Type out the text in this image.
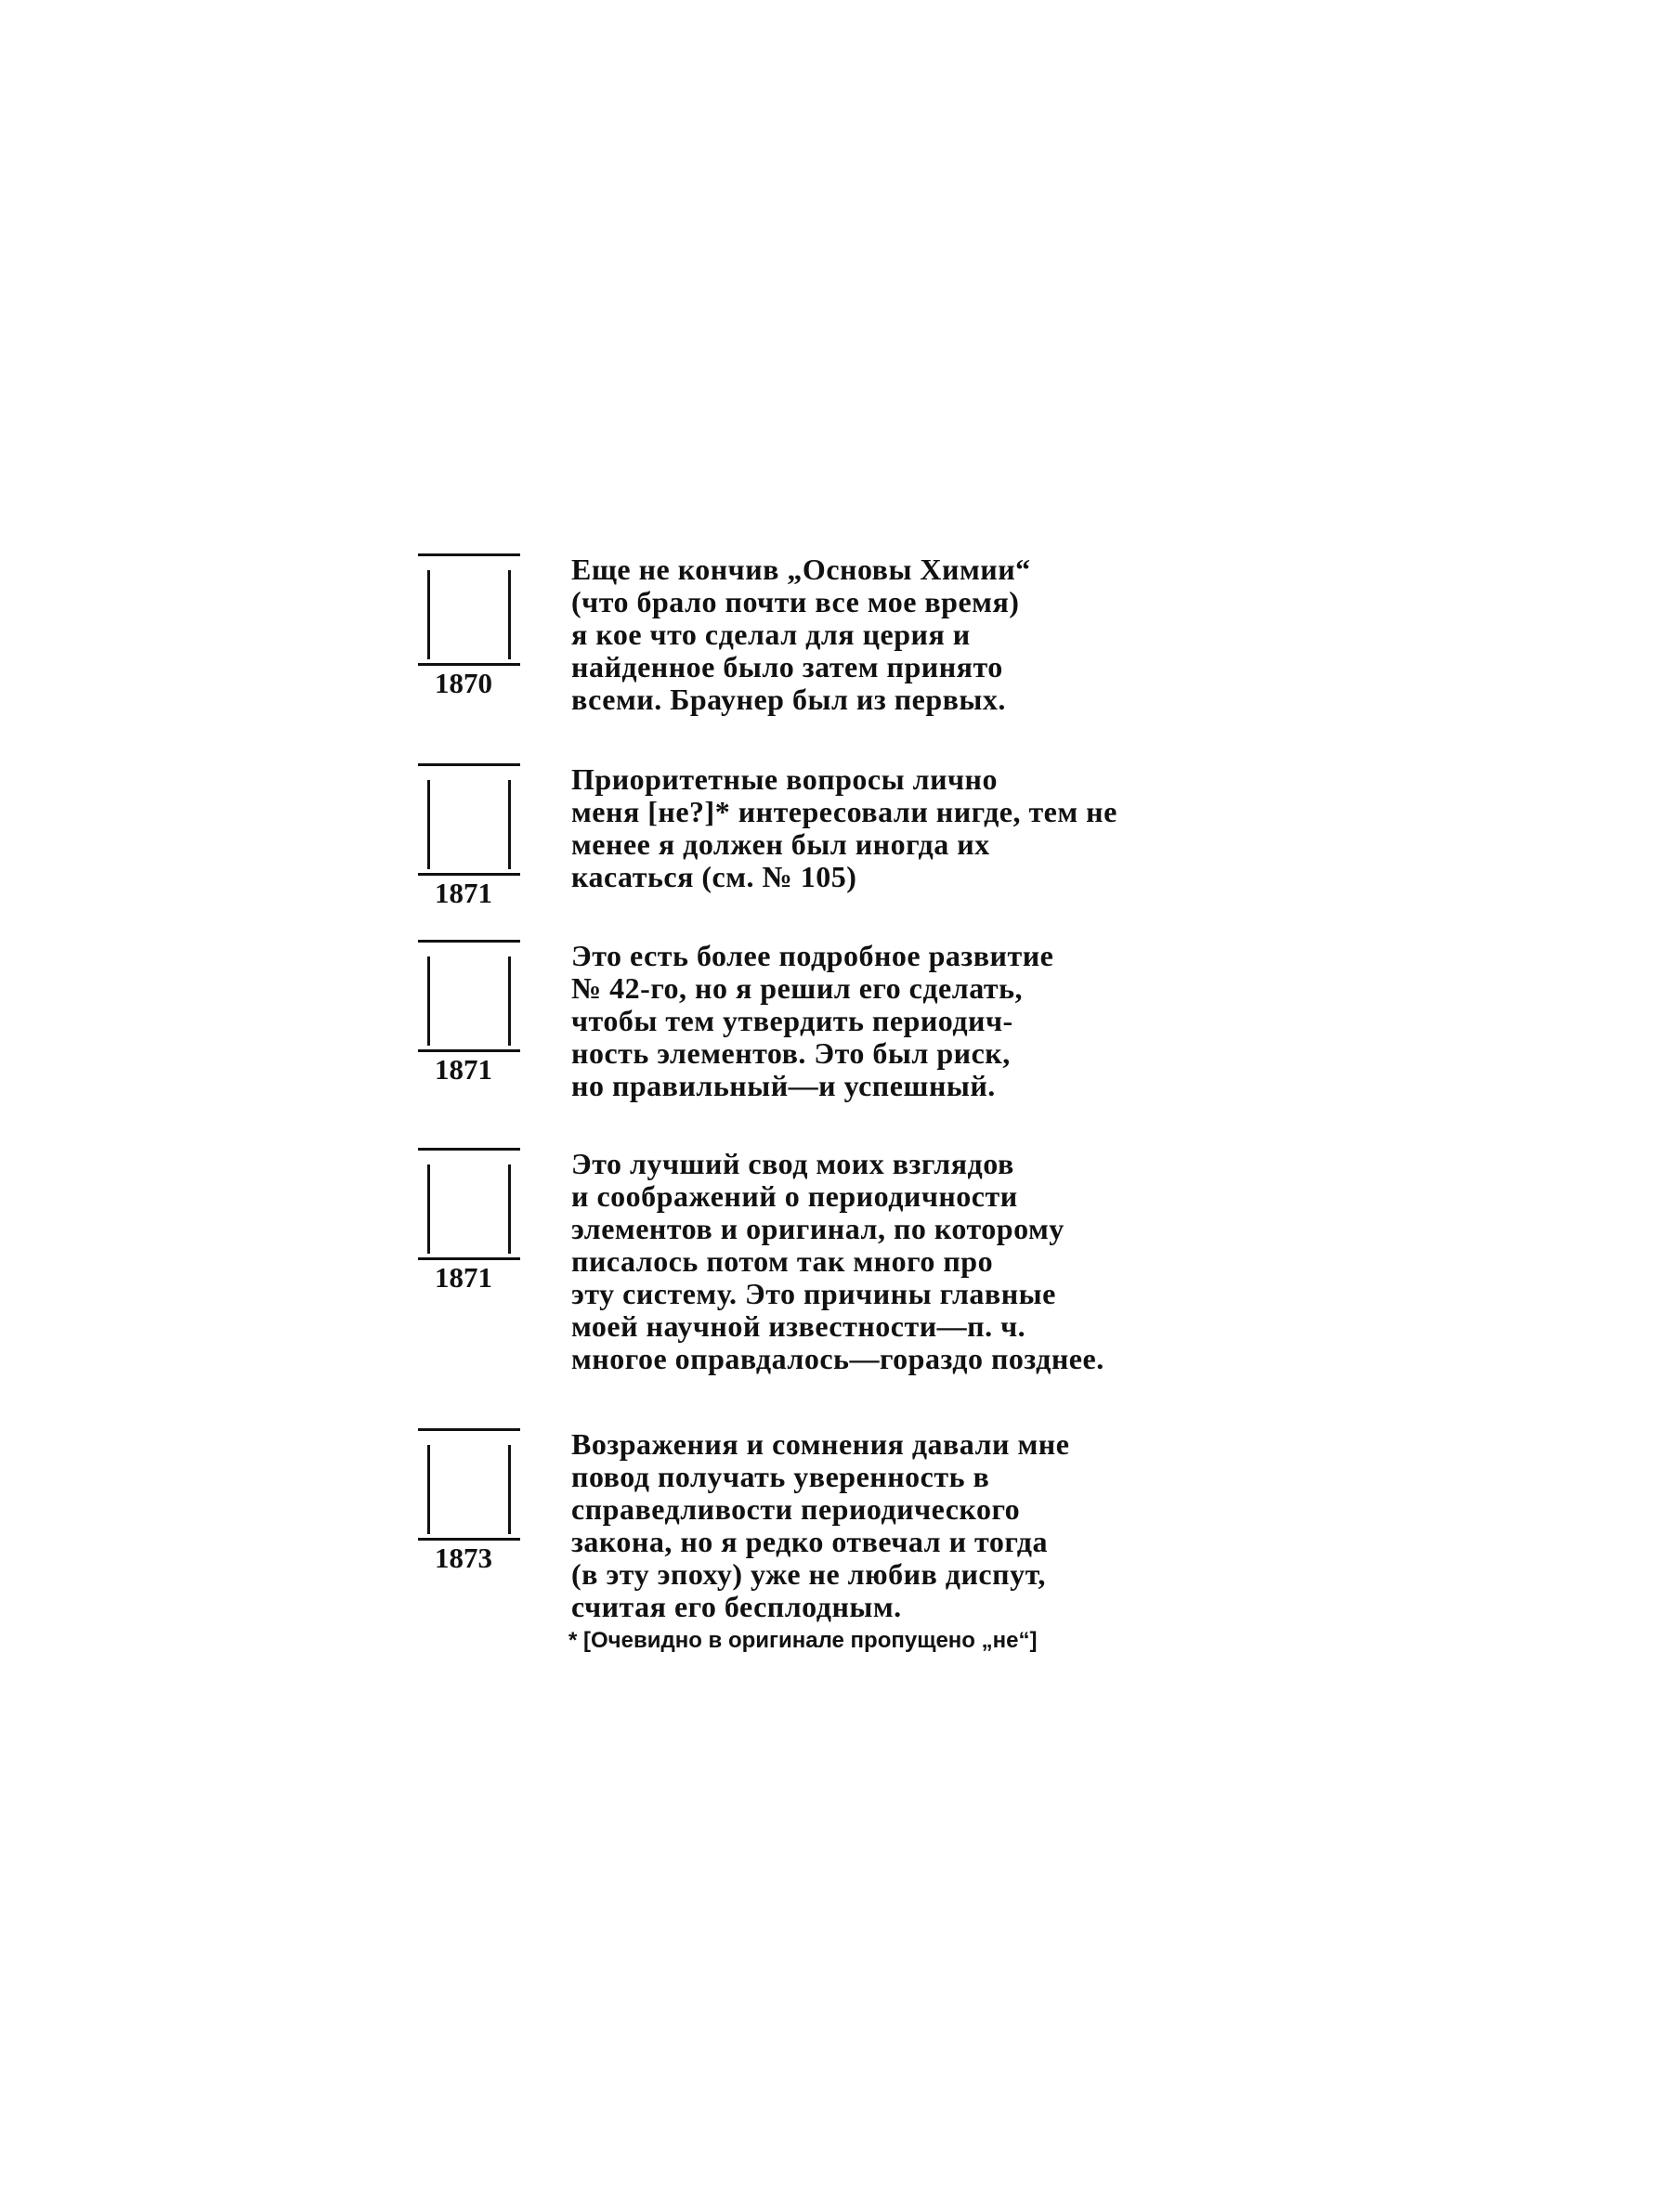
1870
Еще не кончив „Основы Химии“
(что брало почти все мое время)
я кое что сделал для церия и
найденное было затем принято
всеми. Браунер был из первых.
1871
Приоритетные вопросы лично
меня [не?]* интересовали нигде, тем не
менее я должен был иногда их
касаться (см. № 105)
1871
Это есть более подробное развитие
№ 42-го, но я решил его сделать,
чтобы тем утвердить периодич-
ность элементов. Это был риск,
но правильный—и успешный.
1871
Это лучший свод моих взглядов
и соображений о периодичности
элементов и оригинал, по которому
писалось потом так много про
эту систему. Это причины главные
моей научной известности—п. ч.
многое оправдалось—гораздо позднее.
1873
Возражения и сомнения давали мне
повод получать уверенность в
справедливости периодического
закона, но я редко отвечал и тогда
(в эту эпоху) уже не любив диспут,
считая его бесплодным.
* [Очевидно в оригинале пропущено „не“]
